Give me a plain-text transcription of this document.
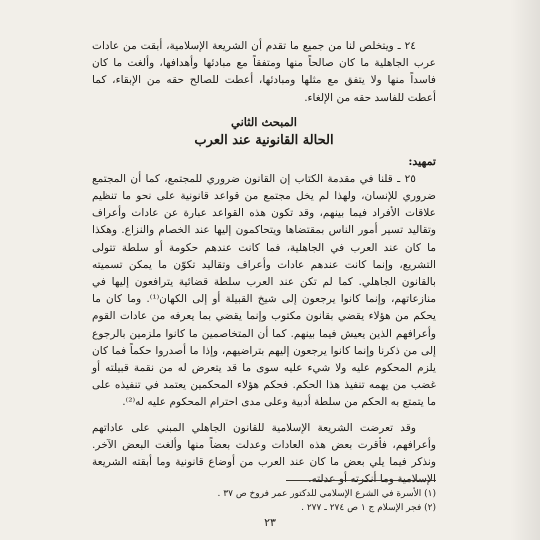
٢٤ ـ ويتخلص لنا من جميع ما تقدم أن الشريعة الإسلامية، أبقت من عادات عرب الجاهلية ما كان صالحاً منها ومتفقاً مع مبادئها وأهدافها، وألغت ما كان فاسداً منها ولا يتفق مع مثلها ومبادئها، أعطت للصالح حقه من الإبقاء، كما أعطت للفاسد حقه من الإلغاء.

المبحث الثاني
الحالة القانونية عند العرب
تمهيد:

٢٥ ـ قلنا في مقدمة الكتاب إن القانون ضروري للمجتمع، كما أن المجتمع ضروري للإنسان، ولهذا لم يخل مجتمع من قواعد قانونية على نحو ما تنظيم علاقات الأفراد فيما بينهم، وقد تكون هذه القواعد عبارة عن عادات وأعراف وتقاليد تسير أمور الناس بمقتضاها ويتحاكمون إليها عند الخصام والنزاع. وهكذا ما كان عند العرب في الجاهلية، فما كانت عندهم حكومة أو سلطة تتولى التشريع، وإنما كانت عندهم عادات وأعراف وتقاليد تكوّن ما يمكن تسميته بالقانون الجاهلي. كما لم تكن عند العرب سلطة قضائية يترافعون إليها في منازعاتهم، وإنما كانوا يرجعون إلى شيخ القبيلة أو إلى الكهان⁽¹⁾. وما كان ما يحكم من هؤلاء يقضي بقانون مكتوب وإنما يقضي بما يعرفه من عادات القوم وأعرافهم الذين يعيش فيما بينهم. كما أن المتخاصمين ما كانوا ملزمين بالرجوع إلى من ذكرنا وإنما كانوا يرجعون إليهم بتراضيهم، وإذا ما أصدروا حكماً فما كان يلزم المحكوم عليه ولا شيء عليه سوى ما قد يتعرض له من نقمة قبيلته أو غضب من يهمه تنفيذ هذا الحكم. فحكم هؤلاء المحكمين يعتمد في تنفيذه على ما يتمتع به الحكم من سلطة أدبية وعلى مدى احترام المحكوم عليه له⁽²⁾.

وقد تعرضت الشريعة الإسلامية للقانون الجاهلي المبني على عاداتهم وأعرافهم، فأقرت بعض هذه العادات وعدلت بعضاً منها وألغت البعض الآخر. ونذكر فيما يلي بعض ما كان عند العرب من أوضاع قانونية وما أبقته الشريعة الإسلامية وما أنكرته أو عدلته.

(١) الأسرة في الشرع الإسلامي للدكتور عمر فروخ ص ٣٧ .

(٢) فجر الإسلام ج ١ ص ٢٧٤ ـ ٢٧٧ .

٢٣
